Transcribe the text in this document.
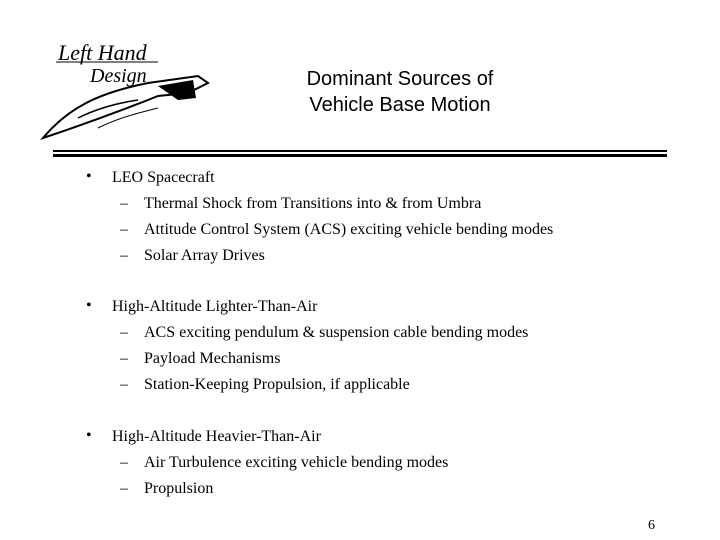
Left Hand
Design	Dominant Sources of
Vehicle Base Motion
• LEO Spacecraft
– Thermal Shock from Transitions into & from Umbra
– Attitude Control System (ACS) exciting vehicle bending modes
– Solar Array Drives
• High-Altitude Lighter-Than-Air
– ACS exciting pendulum & suspension cable bending modes
– Payload Mechanisms
– Station-Keeping Propulsion, if applicable
• High-Altitude Heavier-Than-Air
– Air Turbulence exciting vehicle bending modes
– Propulsion
6
